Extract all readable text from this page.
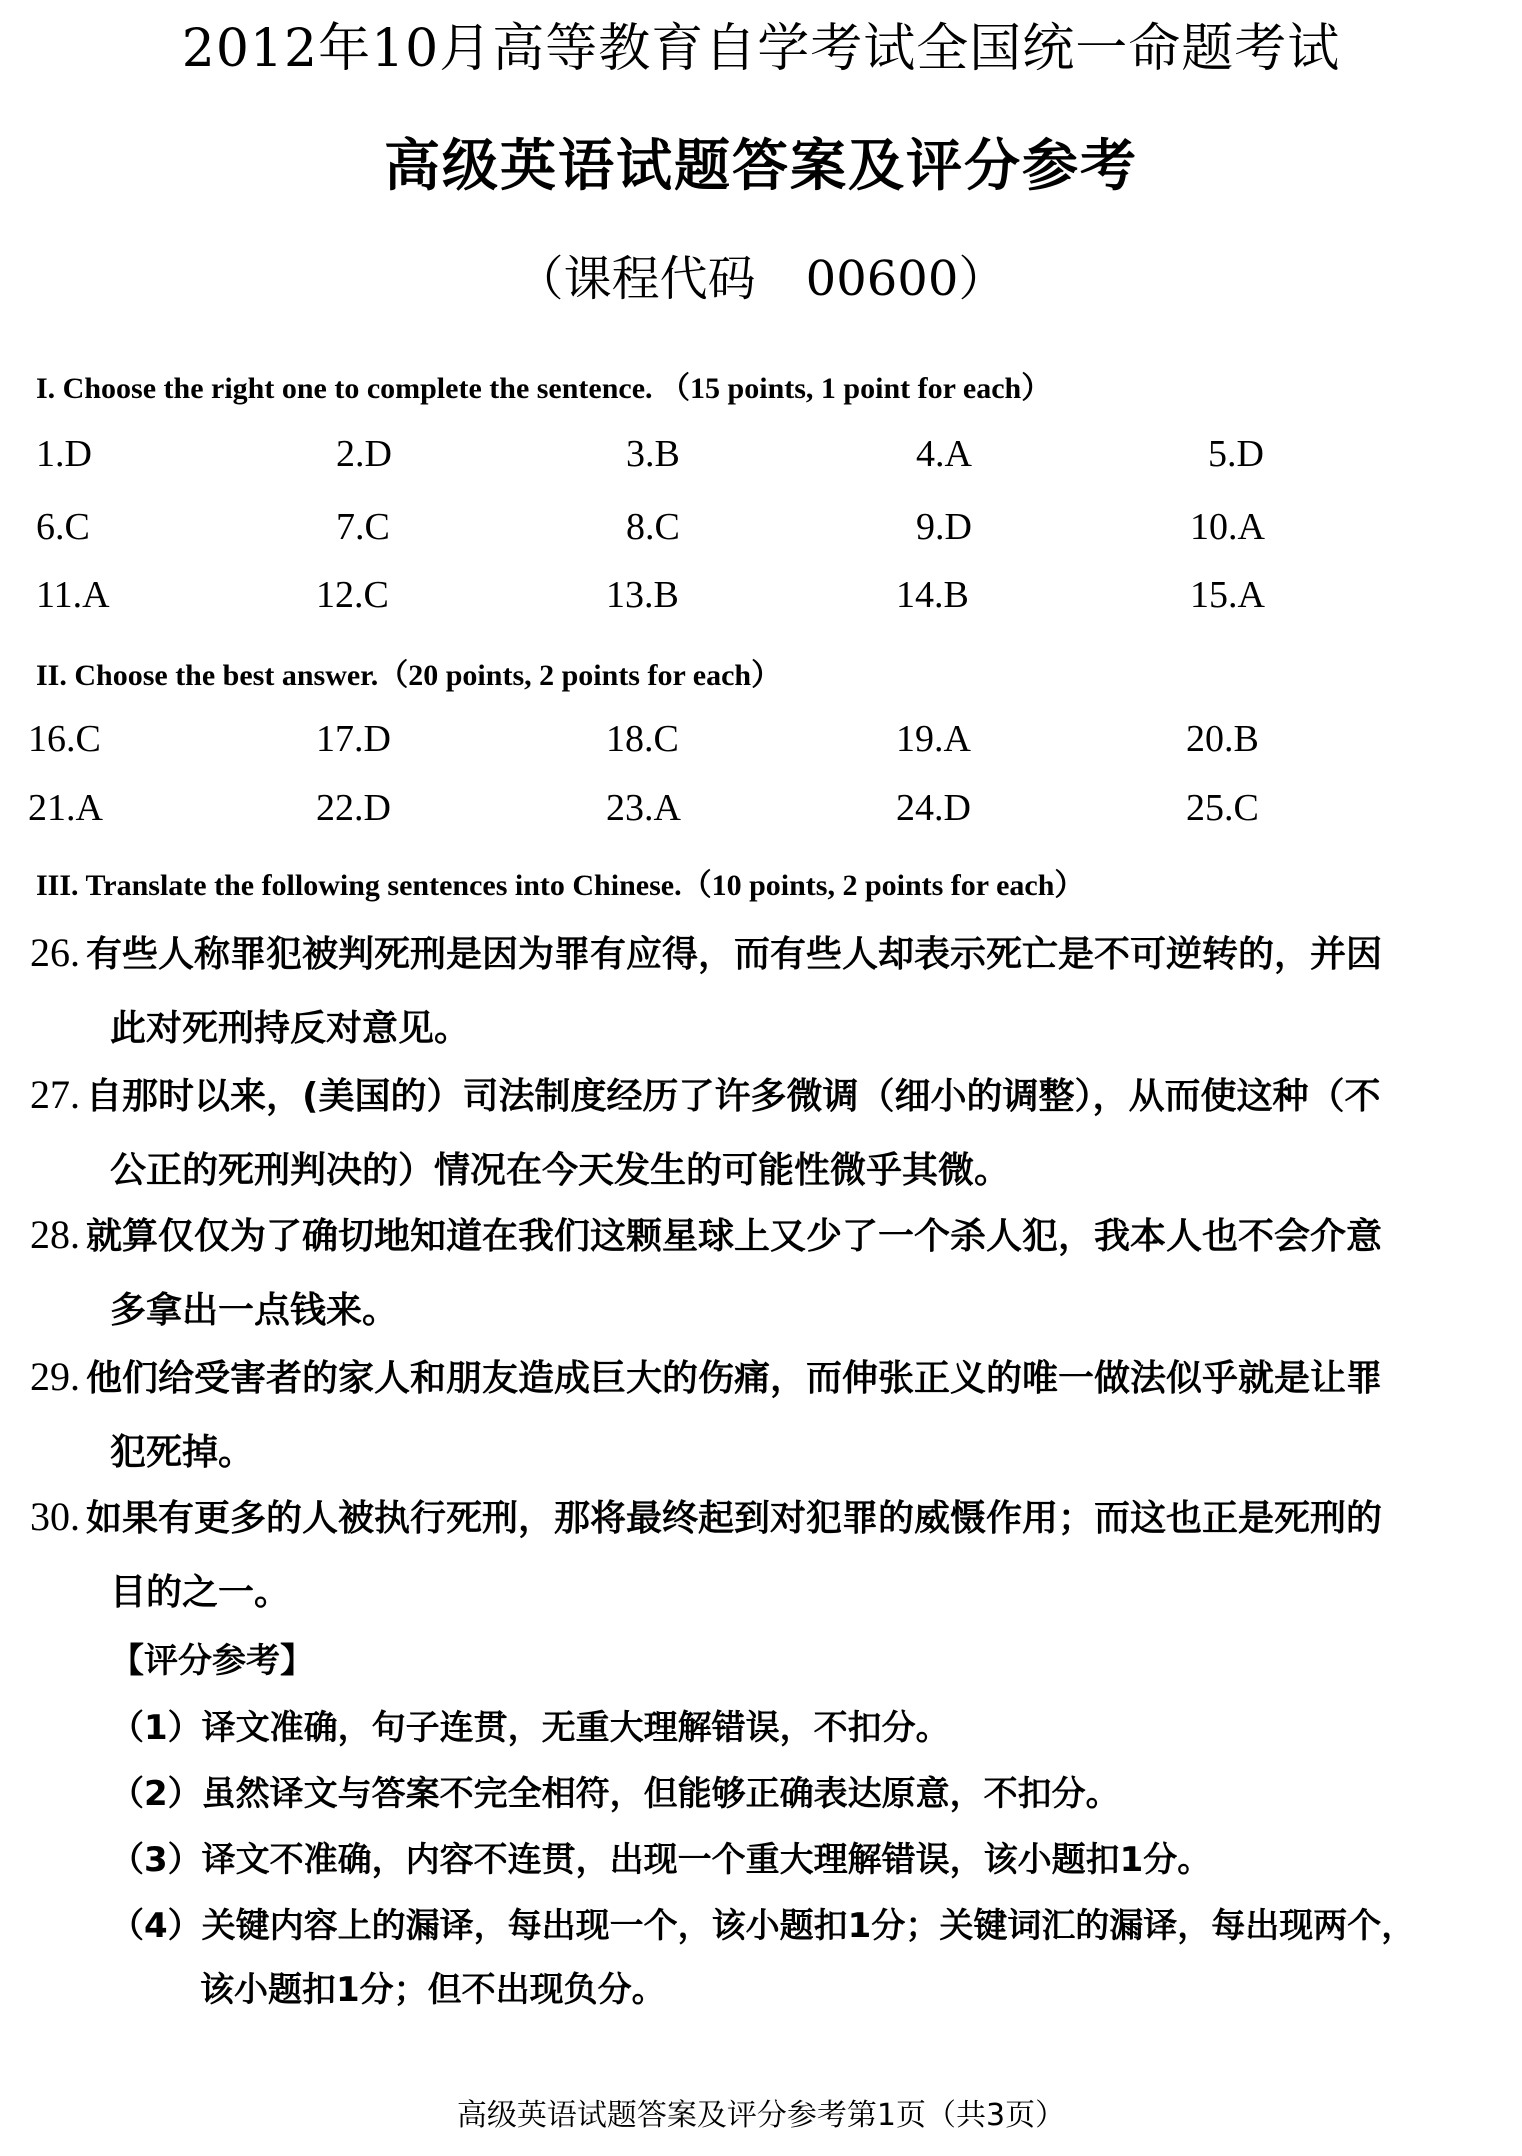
2012年10月高等教育自学考试全国统一命题考试
高级英语试题答案及评分参考
（课程代码 00600）
I. Choose the right one to complete the sentence. （15 points, 1 point for each）
1.D	2.D	3.B	4.A	5.D
6.C	7.C	8.C	9.D	10.A
11.A	12.C	13.B	14.B	15.A
II. Choose the best answer.（20 points, 2 points for each）
16.C	17.D	18.C	19.A	20.B
21.A	22.D	23.A	24.D	25.C
III. Translate the following sentences into Chinese.（10 points, 2 points for each）
26. 有些人称罪犯被判死刑是因为罪有应得，而有些人却表示死亡是不可逆转的，并因
此对死刑持反对意见。
27. 自那时以来，(美国的）司法制度经历了许多微调（细小的调整），从而使这种（不
公正的死刑判决的）情况在今天发生的可能性微乎其微。
28. 就算仅仅为了确切地知道在我们这颗星球上又少了一个杀人犯，我本人也不会介意
多拿出一点钱来。
29. 他们给受害者的家人和朋友造成巨大的伤痛，而伸张正义的唯一做法似乎就是让罪
犯死掉。
30. 如果有更多的人被执行死刑，那将最终起到对犯罪的威慑作用；而这也正是死刑的
目的之一。
【评分参考】
（1）译文准确，句子连贯，无重大理解错误，不扣分。
（2）虽然译文与答案不完全相符，但能够正确表达原意，不扣分。
（3）译文不准确，内容不连贯，出现一个重大理解错误，该小题扣1分。
（4）关键内容上的漏译，每出现一个，该小题扣1分；关键词汇的漏译，每出现两个，
该小题扣1分；但不出现负分。
高级英语试题答案及评分参考第1页（共3页）
